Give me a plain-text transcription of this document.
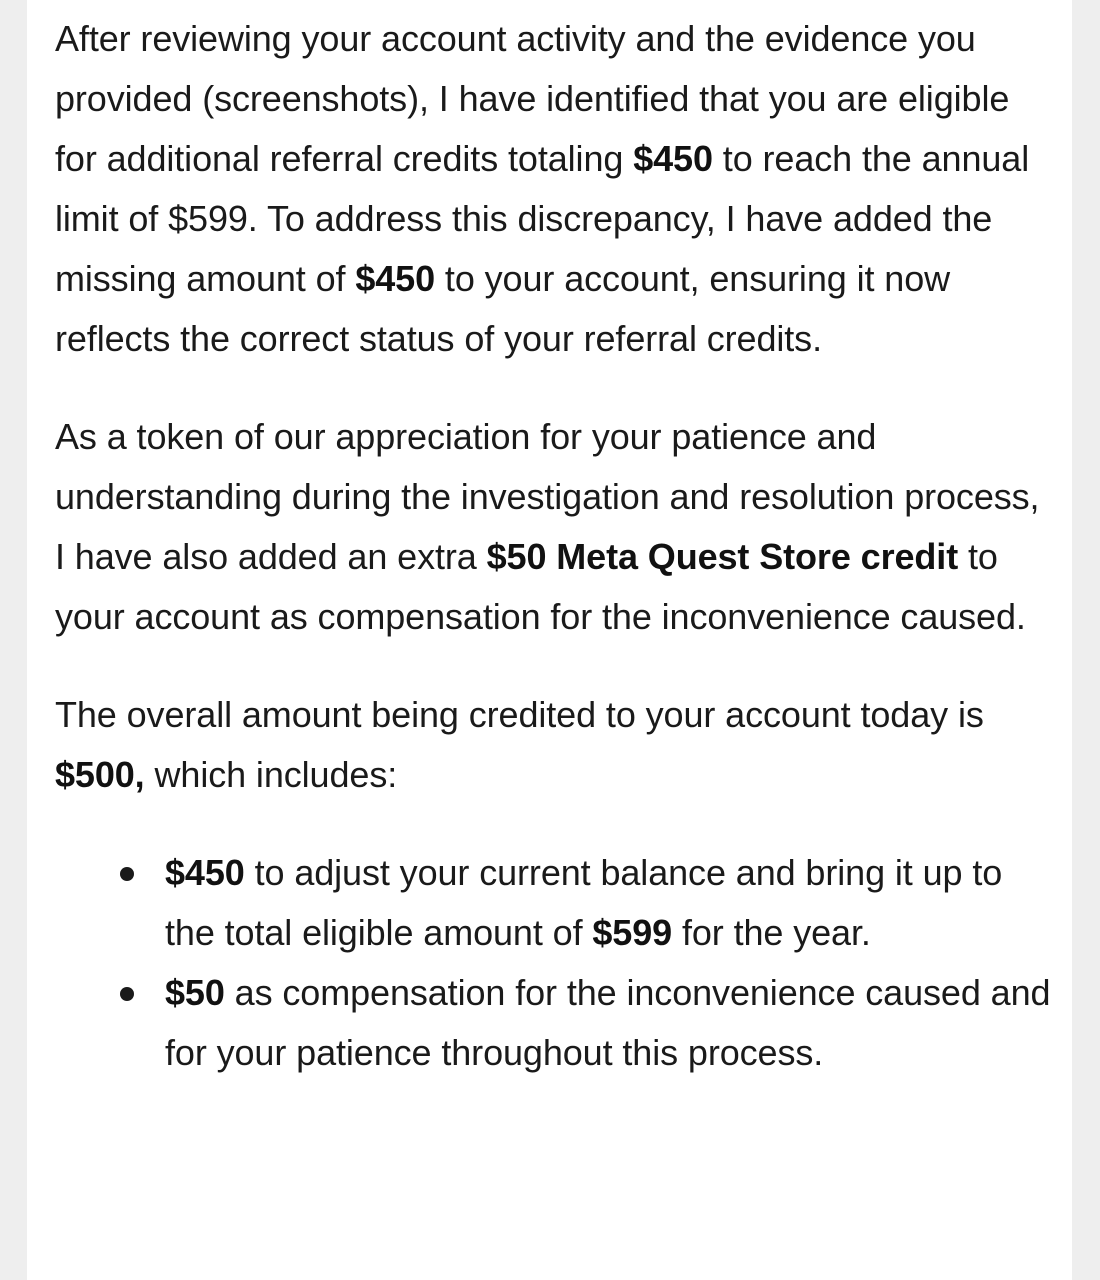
After reviewing your account activity and the evidence you provided (screenshots), I have identified that you are eligible for additional referral credits totaling $450 to reach the annual limit of $599. To address this discrepancy, I have added the missing amount of $450 to your account, ensuring it now reflects the correct status of your referral credits.

As a token of our appreciation for your patience and understanding during the investigation and resolution process, I have also added an extra $50 Meta Quest Store credit to your account as compensation for the inconvenience caused.

The overall amount being credited to your account today is $500, which includes:

$450 to adjust your current balance and bring it up to the total eligible amount of $599 for the year.
$50 as compensation for the inconvenience caused and for your patience throughout this process.
